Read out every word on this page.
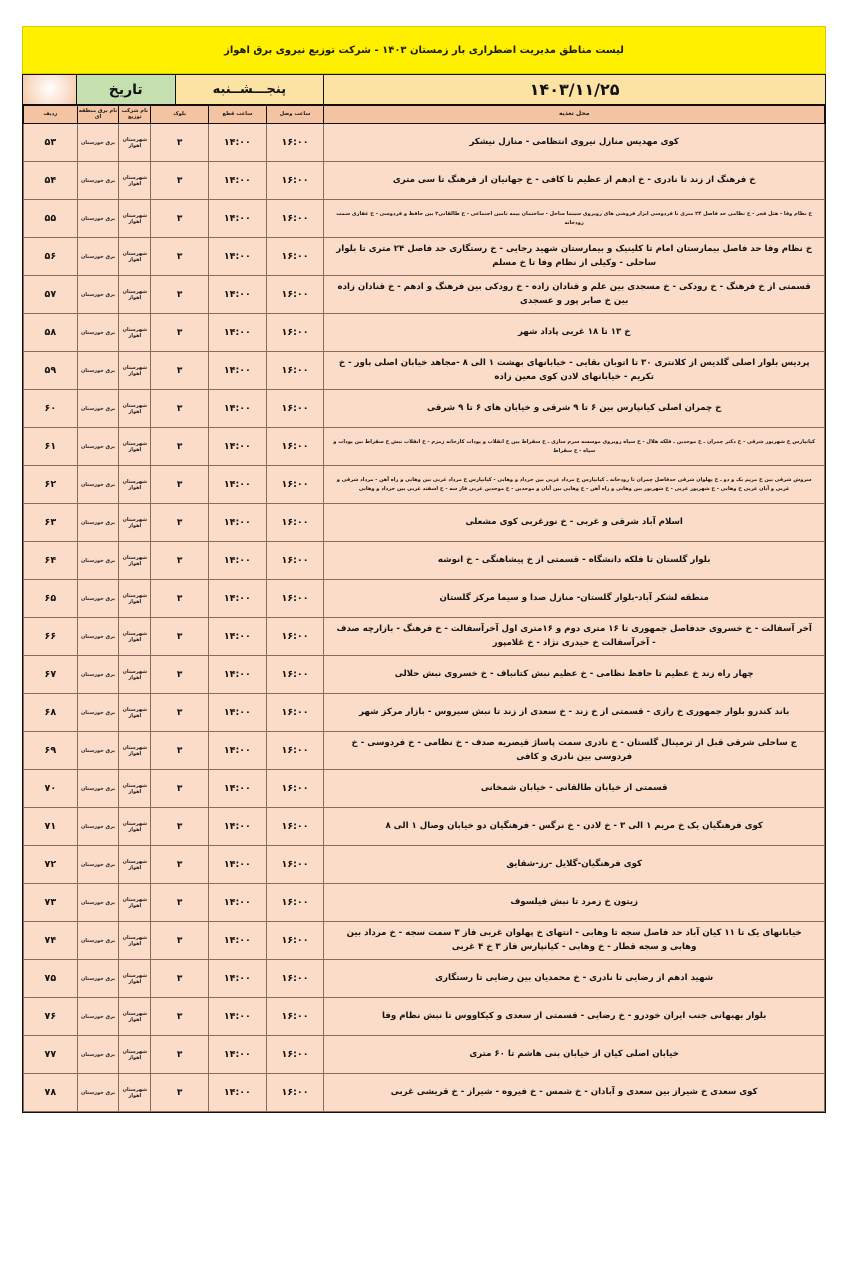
لیست مناطق مدیریت اضطراری بار زمستان ۱۴۰۳ - شرکت توزیع نیروی برق اهواز
۱۴۰۳/۱۱/۲۵	پنجـــشــنبه	تاریخ	
محل تغذیه	ساعت وصل	ساعت قطع	بلوک	نام شرکت توزیع	نام برق منطقه ای	ردیف
کوی مهدیس منازل نیروی انتظامی - منازل نیشکر	۱۶:۰۰	۱۴:۰۰	۳	شهرستان اهواز	برق خوزستان	۵۳
خ فرهنگ از زند تا نادری - خ ادهم از عظیم تا کافی - خ جهانیان از فرهنگ تا سی متری	۱۶:۰۰	۱۴:۰۰	۳	شهرستان اهواز	برق خوزستان	۵۴
خ نظام وفا - هتل فجر - خ نظامی حد فاصل ۲۴ متری تا فردوسی ابزار فروشی های روبروی سینما ساحل - ساختمان بیمه تامین اجتماعی - خ طالقانی۲ بین حافظ و فردوسی - خ غفاری سمت رودخانه	۱۶:۰۰	۱۴:۰۰	۳	شهرستان اهواز	برق خوزستان	۵۵
خ نظام وفا حد فاصل بیمارستان امام تا کلینیک و بیمارستان شهید رجایی - خ رستگاری حد فاصل ۲۴ متری تا بلوار ساحلی - وکیلی از نظام وفا تا خ مسلم	۱۶:۰۰	۱۴:۰۰	۳	شهرستان اهواز	برق خوزستان	۵۶
قسمتی از خ فرهنگ - خ رودکی - خ مسجدی بین علم و قنادان زاده - خ رودکی بین فرهنگ و ادهم - خ قنادان زاده بین خ صابر پور و عسجدی	۱۶:۰۰	۱۴:۰۰	۳	شهرستان اهواز	برق خوزستان	۵۷
خ ۱۳ تا ۱۸ غربی پاداد شهر	۱۶:۰۰	۱۴:۰۰	۳	شهرستان اهواز	برق خوزستان	۵۸
پردیس بلوار اصلی گلدیس از کلانتری ۳۰ تا اتوبان بقایی - خیابانهای بهشت ۱ الی ۸ -مجاهد خیابان اصلی باور - خ تکریم - خیابانهای لادن کوی معین زاده	۱۶:۰۰	۱۴:۰۰	۳	شهرستان اهواز	برق خوزستان	۵۹
خ چمران اصلی کیانپارس بین ۶ تا ۹ شرقی و خیابان های ۶ تا ۹ شرقی	۱۶:۰۰	۱۴:۰۰	۳	شهرستان اهواز	برق خوزستان	۶۰
کیانپارس خ شهریور شرقی - خ دکتر چمران ـ خ موحدین ـ فلکه هلال - خ سپاه روبروی موسسه سرم سازی ـ خ سقراط بین خ انقلاب و پودات کارخانه زمزم - خ انقلاب نبش خ سقراط بین پودات و سپاه - خ سقراط	۱۶:۰۰	۱۴:۰۰	۳	شهرستان اهواز	برق خوزستان	۶۱
سروش شرقی بین خ مریم یک و دو ـ خ پهلوان شرقی حدفاصل چمران تا رودخانه ـ کیانپارس خ مرداد غربی بین خرداد و وهابی - کیانپارس خ مرداد غربی بین وهابی و راه آهن - مرداد شرقی و غربی و آبان غربی خ وهابی - خ شهریور غربی - خ شهریور بین وهابی و راه آهن - خ وهابی بین آبان و موحدین - خ موحدین غربی فاز سه - خ اسفند غربی بین خرداد و وهابی	۱۶:۰۰	۱۴:۰۰	۳	شهرستان اهواز	برق خوزستان	۶۲
اسلام آباد شرقی و غربی - خ نورغربی کوی مشعلی	۱۶:۰۰	۱۴:۰۰	۳	شهرستان اهواز	برق خوزستان	۶۳
بلوار گلستان تا فلکه دانشگاه - قسمتی از خ پیشاهنگی - خ انوشه	۱۶:۰۰	۱۴:۰۰	۳	شهرستان اهواز	برق خوزستان	۶۴
منطقه لشکر آباد-بلوار گلستان- منازل صدا و سیما مرکز گلستان	۱۶:۰۰	۱۴:۰۰	۳	شهرستان اهواز	برق خوزستان	۶۵
آخر آسفالت - خ خسروی حدفاصل جمهوری تا ۱۶ متری دوم و ۱۶متری اول آخرآسفالت - خ فرهنگ - بازارچه صدف - آخرآسفالت خ حیدری نژاد - خ غلامپور	۱۶:۰۰	۱۴:۰۰	۳	شهرستان اهواز	برق خوزستان	۶۶
چهار راه زند خ عظیم تا حافظ نظامی - خ عظیم نبش کتانباف - خ خسروی نبش حلالی	۱۶:۰۰	۱۴:۰۰	۳	شهرستان اهواز	برق خوزستان	۶۷
باند کندرو بلوار جمهوری خ رازی - قسمتی از خ زند - خ سعدی از زند تا نبش سیروس - بازار مرکز شهر	۱۶:۰۰	۱۴:۰۰	۳	شهرستان اهواز	برق خوزستان	۶۸
ج ساحلی شرقی قبل از ترمینال گلستان - خ نادری سمت پاساژ قیصریه صدف - خ نظامی - خ فردوسی - خ فردوسی بین نادری و کافی	۱۶:۰۰	۱۴:۰۰	۳	شهرستان اهواز	برق خوزستان	۶۹
قسمتی از خیابان طالقانی - خیابان شمخانی	۱۶:۰۰	۱۴:۰۰	۳	شهرستان اهواز	برق خوزستان	۷۰
کوی فرهنگیان یک خ مریم ۱ الی ۳ - خ لادن - خ نرگس - فرهنگیان دو خیابان وصال ۱ الی ۸	۱۶:۰۰	۱۴:۰۰	۳	شهرستان اهواز	برق خوزستان	۷۱
کوی فرهنگیان-گلایل -رز-شقایق	۱۶:۰۰	۱۴:۰۰	۳	شهرستان اهواز	برق خوزستان	۷۲
زیتون خ زمرد تا نبش فیلسوف	۱۶:۰۰	۱۴:۰۰	۳	شهرستان اهواز	برق خوزستان	۷۳
خیابانهای یک تا ۱۱ کیان آباد حد فاصل سجه تا وهابی - انتهای خ پهلوان غربی فاز ۳ سمت سجه - خ مرداد بین وهابی و سجه قطار - خ وهابی - کیانپارس فاز ۳ خ ۴ غربی	۱۶:۰۰	۱۴:۰۰	۳	شهرستان اهواز	برق خوزستان	۷۴
شهید ادهم از رضایی تا نادری - خ محمدیان بین رضایی تا رستگاری	۱۶:۰۰	۱۴:۰۰	۳	شهرستان اهواز	برق خوزستان	۷۵
بلوار بهبهانی جنب ایران خودرو - خ رضایی - قسمتی از سعدی و کیکاووس تا نبش نظام وفا	۱۶:۰۰	۱۴:۰۰	۳	شهرستان اهواز	برق خوزستان	۷۶
خیابان اصلی کیان از خیابان بنی هاشم تا ۶۰ متری	۱۶:۰۰	۱۴:۰۰	۳	شهرستان اهواز	برق خوزستان	۷۷
کوی سعدی خ شیراز بین سعدی و آبادان - خ شمس - خ فیروه - شیراز - خ قریشی غربی	۱۶:۰۰	۱۴:۰۰	۳	شهرستان اهواز	برق خوزستان	۷۸
